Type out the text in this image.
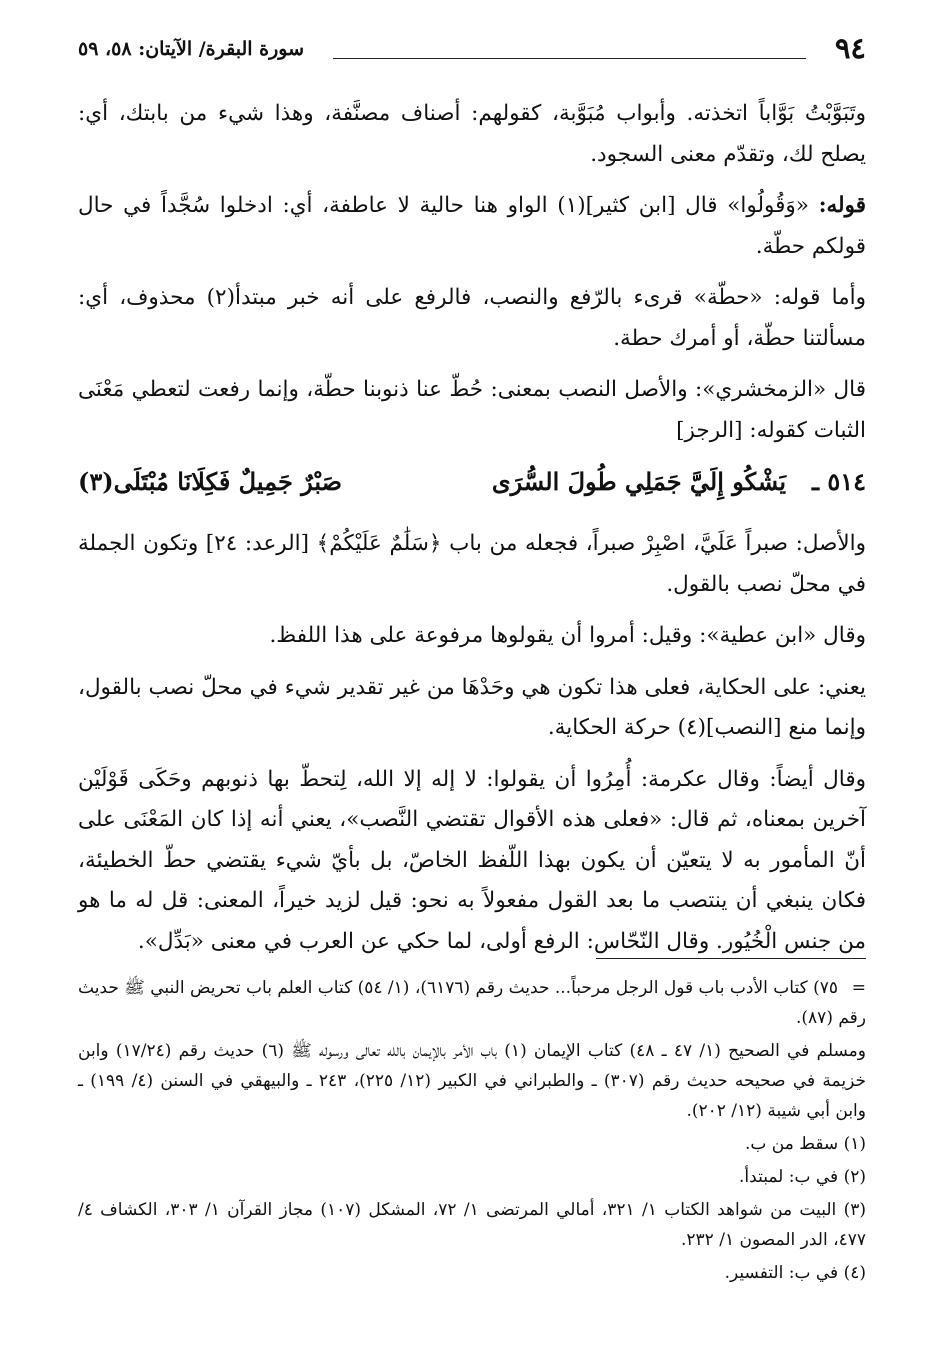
٩٤
سورة البقرة/ الآيتان: ٥٨، ٥٩

وتَبَوَّبْتُ بَوَّاباً اتخذته. وأبواب مُبَوَّبة، كقولهم: أصناف مصنَّفة، وهذا شيء من بابتك، أي: يصلح لك، وتقدّم معنى السجود.

قوله: «وَقُولُوا» قال [ابن كثير](١) الواو هنا حالية لا عاطفة، أي: ادخلوا سُجَّداً في حال قولكم حطّة.

وأما قوله: «حطّة» قرىء بالرّفع والنصب، فالرفع على أنه خبر مبتدأ(٢) محذوف، أي: مسألتنا حطّة، أو أمرك حطة.

قال «الزمخشري»: والأصل النصب بمعنى: حُطّ عنا ذنوبنا حطّة، وإنما رفعت لتعطي مَعْنَى الثبات كقوله: [الرجز]

٥١٤ ـ
يَشْكُو إِلَيَّ جَمَلِي طُولَ السُّرَى
صَبْرٌ جَمِيلٌ فَكِلَانَا مُبْتَلَى(٣)

والأصل: صبراً عَلَيَّ، اصْبِرْ صبراً، فجعله من باب ﴿سَلَٰمٌ عَلَيْكُمْ﴾ [الرعد: ٢٤] وتكون الجملة في محلّ نصب بالقول.

وقال «ابن عطية»: وقيل: أمروا أن يقولوها مرفوعة على هذا اللفظ.

يعني: على الحكاية، فعلى هذا تكون هي وحَدْهَا من غير تقدير شيء في محلّ نصب بالقول، وإنما منع [النصب](٤) حركة الحكاية.

وقال أيضاً: وقال عكرمة: أُمِرُوا أن يقولوا: لا إله إلا الله، لِتحطّ بها ذنوبهم وحَكَى قَوْلَيْن آخرين بمعناه، ثم قال: «فعلى هذه الأقوال تقتضي النَّصب»، يعني أنه إذا كان المَعْنَى على أنّ المأمور به لا يتعيّن أن يكون بهذا اللّفظ الخاصّ، بل بأيّ شيء يقتضي حطّ الخطيئة، فكان ينبغي أن ينتصب ما بعد القول مفعولاً به نحو: قيل لزيد خيراً، المعنى: قل له ما هو من جنس الْخُيُور. وقال النّحّاس: الرفع أولى، لما حكي عن العرب في معنى «بَدِّل».

=٧٥) كتاب الأدب باب قول الرجل مرحباً... حديث رقم (٦١٧٦)، (١/ ٥٤) كتاب العلم باب تحريض النبي ﷺ حديث رقم (٨٧).

ومسلم في الصحيح (١/ ٤٧ ـ ٤٨) كتاب الإيمان (١) باب الأمر بالإيمان بالله تعالى ورسوله ﷺ (٦) حديث رقم (١٧/٢٤) وابن خزيمة في صحيحه حديث رقم (٣٠٧) ـ والطبراني في الكبير (١٢/ ٢٢٥)، ٢٤٣ ـ والبيهقي في السنن (٤/ ١٩٩) ـ وابن أبي شيبة (١٢/ ٢٠٢).

(١) سقط من ب.

(٢) في ب: لمبتدأ.

(٣) البيت من شواهد الكتاب ١/ ٣٢١، أمالي المرتضى ١/ ٧٢، المشكل (١٠٧) مجاز القرآن ١/ ٣٠٣، الكشاف ٤/ ٤٧٧، الدر المصون ١/ ٢٣٢.

(٤) في ب: التفسير.
